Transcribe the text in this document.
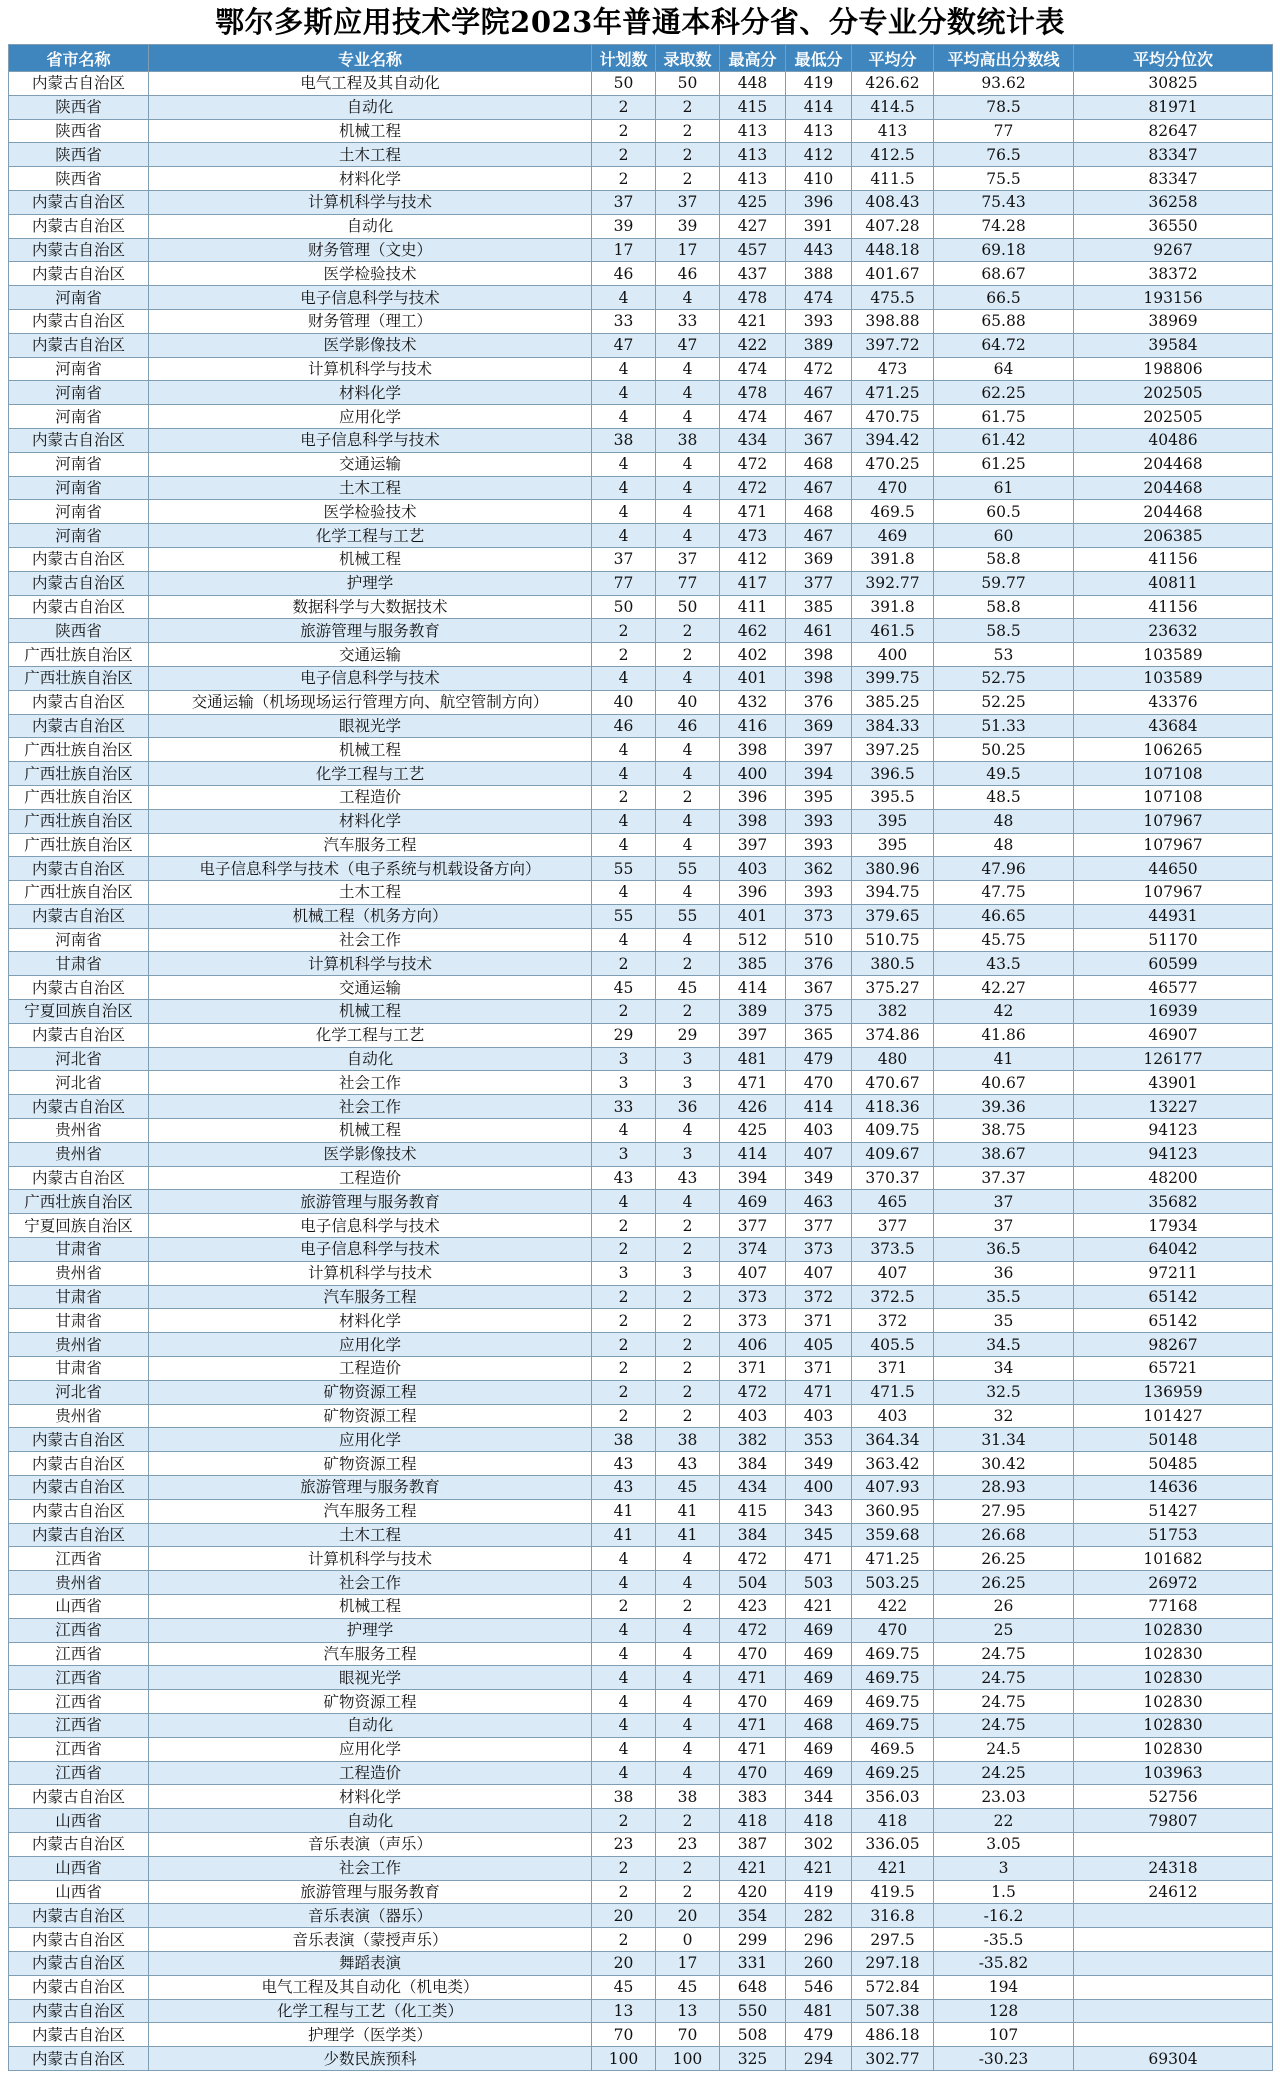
鄂尔多斯应用技术学院2023年普通本科分省、分专业分数统计表
省市名称	专业名称	计划数	录取数	最高分	最低分	平均分	平均高出分数线	平均分位次
内蒙古自治区	电气工程及其自动化	50	50	448	419	426.62	93.62	30825
陕西省	自动化	2	2	415	414	414.5	78.5	81971
陕西省	机械工程	2	2	413	413	413	77	82647
陕西省	土木工程	2	2	413	412	412.5	76.5	83347
陕西省	材料化学	2	2	413	410	411.5	75.5	83347
内蒙古自治区	计算机科学与技术	37	37	425	396	408.43	75.43	36258
内蒙古自治区	自动化	39	39	427	391	407.28	74.28	36550
内蒙古自治区	财务管理（文史）	17	17	457	443	448.18	69.18	9267
内蒙古自治区	医学检验技术	46	46	437	388	401.67	68.67	38372
河南省	电子信息科学与技术	4	4	478	474	475.5	66.5	193156
内蒙古自治区	财务管理（理工）	33	33	421	393	398.88	65.88	38969
内蒙古自治区	医学影像技术	47	47	422	389	397.72	64.72	39584
河南省	计算机科学与技术	4	4	474	472	473	64	198806
河南省	材料化学	4	4	478	467	471.25	62.25	202505
河南省	应用化学	4	4	474	467	470.75	61.75	202505
内蒙古自治区	电子信息科学与技术	38	38	434	367	394.42	61.42	40486
河南省	交通运输	4	4	472	468	470.25	61.25	204468
河南省	土木工程	4	4	472	467	470	61	204468
河南省	医学检验技术	4	4	471	468	469.5	60.5	204468
河南省	化学工程与工艺	4	4	473	467	469	60	206385
内蒙古自治区	机械工程	37	37	412	369	391.8	58.8	41156
内蒙古自治区	护理学	77	77	417	377	392.77	59.77	40811
内蒙古自治区	数据科学与大数据技术	50	50	411	385	391.8	58.8	41156
陕西省	旅游管理与服务教育	2	2	462	461	461.5	58.5	23632
广西壮族自治区	交通运输	2	2	402	398	400	53	103589
广西壮族自治区	电子信息科学与技术	4	4	401	398	399.75	52.75	103589
内蒙古自治区	交通运输（机场现场运行管理方向、航空管制方向）	40	40	432	376	385.25	52.25	43376
内蒙古自治区	眼视光学	46	46	416	369	384.33	51.33	43684
广西壮族自治区	机械工程	4	4	398	397	397.25	50.25	106265
广西壮族自治区	化学工程与工艺	4	4	400	394	396.5	49.5	107108
广西壮族自治区	工程造价	2	2	396	395	395.5	48.5	107108
广西壮族自治区	材料化学	4	4	398	393	395	48	107967
广西壮族自治区	汽车服务工程	4	4	397	393	395	48	107967
内蒙古自治区	电子信息科学与技术（电子系统与机载设备方向）	55	55	403	362	380.96	47.96	44650
广西壮族自治区	土木工程	4	4	396	393	394.75	47.75	107967
内蒙古自治区	机械工程（机务方向）	55	55	401	373	379.65	46.65	44931
河南省	社会工作	4	4	512	510	510.75	45.75	51170
甘肃省	计算机科学与技术	2	2	385	376	380.5	43.5	60599
内蒙古自治区	交通运输	45	45	414	367	375.27	42.27	46577
宁夏回族自治区	机械工程	2	2	389	375	382	42	16939
内蒙古自治区	化学工程与工艺	29	29	397	365	374.86	41.86	46907
河北省	自动化	3	3	481	479	480	41	126177
河北省	社会工作	3	3	471	470	470.67	40.67	43901
内蒙古自治区	社会工作	33	36	426	414	418.36	39.36	13227
贵州省	机械工程	4	4	425	403	409.75	38.75	94123
贵州省	医学影像技术	3	3	414	407	409.67	38.67	94123
内蒙古自治区	工程造价	43	43	394	349	370.37	37.37	48200
广西壮族自治区	旅游管理与服务教育	4	4	469	463	465	37	35682
宁夏回族自治区	电子信息科学与技术	2	2	377	377	377	37	17934
甘肃省	电子信息科学与技术	2	2	374	373	373.5	36.5	64042
贵州省	计算机科学与技术	3	3	407	407	407	36	97211
甘肃省	汽车服务工程	2	2	373	372	372.5	35.5	65142
甘肃省	材料化学	2	2	373	371	372	35	65142
贵州省	应用化学	2	2	406	405	405.5	34.5	98267
甘肃省	工程造价	2	2	371	371	371	34	65721
河北省	矿物资源工程	2	2	472	471	471.5	32.5	136959
贵州省	矿物资源工程	2	2	403	403	403	32	101427
内蒙古自治区	应用化学	38	38	382	353	364.34	31.34	50148
内蒙古自治区	矿物资源工程	43	43	384	349	363.42	30.42	50485
内蒙古自治区	旅游管理与服务教育	43	45	434	400	407.93	28.93	14636
内蒙古自治区	汽车服务工程	41	41	415	343	360.95	27.95	51427
内蒙古自治区	土木工程	41	41	384	345	359.68	26.68	51753
江西省	计算机科学与技术	4	4	472	471	471.25	26.25	101682
贵州省	社会工作	4	4	504	503	503.25	26.25	26972
山西省	机械工程	2	2	423	421	422	26	77168
江西省	护理学	4	4	472	469	470	25	102830
江西省	汽车服务工程	4	4	470	469	469.75	24.75	102830
江西省	眼视光学	4	4	471	469	469.75	24.75	102830
江西省	矿物资源工程	4	4	470	469	469.75	24.75	102830
江西省	自动化	4	4	471	468	469.75	24.75	102830
江西省	应用化学	4	4	471	469	469.5	24.5	102830
江西省	工程造价	4	4	470	469	469.25	24.25	103963
内蒙古自治区	材料化学	38	38	383	344	356.03	23.03	52756
山西省	自动化	2	2	418	418	418	22	79807
内蒙古自治区	音乐表演（声乐）	23	23	387	302	336.05	3.05	
山西省	社会工作	2	2	421	421	421	3	24318
山西省	旅游管理与服务教育	2	2	420	419	419.5	1.5	24612
内蒙古自治区	音乐表演（器乐）	20	20	354	282	316.8	-16.2	
内蒙古自治区	音乐表演（蒙授声乐）	2	0	299	296	297.5	-35.5	
内蒙古自治区	舞蹈表演	20	17	331	260	297.18	-35.82	
内蒙古自治区	电气工程及其自动化（机电类）	45	45	648	546	572.84	194	
内蒙古自治区	化学工程与工艺（化工类）	13	13	550	481	507.38	128	
内蒙古自治区	护理学（医学类）	70	70	508	479	486.18	107	
内蒙古自治区	少数民族预科	100	100	325	294	302.77	-30.23	69304
